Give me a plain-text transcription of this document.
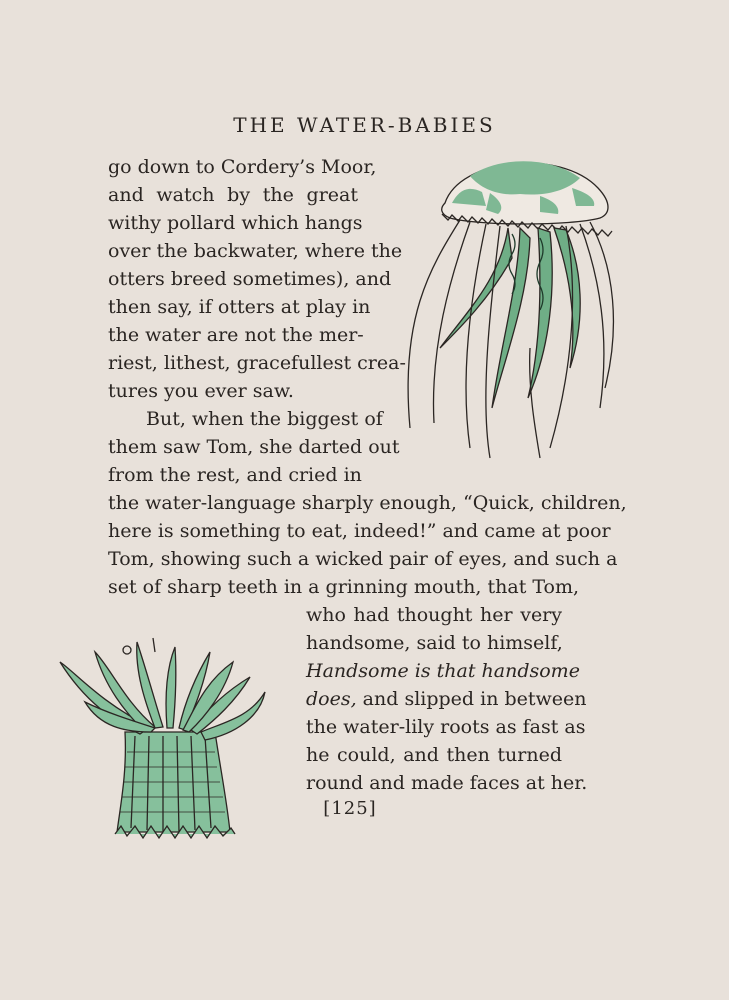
THE WATER-BABIES
go down to Cordery’s Moor,
and watch by the great
withy pollard which hangs
over the backwater, where the
otters breed sometimes), and
then say, if otters at play in
the water are not the mer-
riest, lithest, gracefullest crea-
tures you ever saw.
But, when the biggest of
them saw Tom, she darted out
from the rest, and cried in
the water-language sharply enough, “Quick, children,
here is something to eat, indeed!” and came at poor
Tom, showing such a wicked pair of eyes, and such a
set of sharp teeth in a grinning mouth, that Tom,
who had thought her very
handsome, said to himself,
Handsome is that handsome
does, and slipped in between
the water-lily roots as fast as
he could, and then turned
round and made faces at her.
[125]
